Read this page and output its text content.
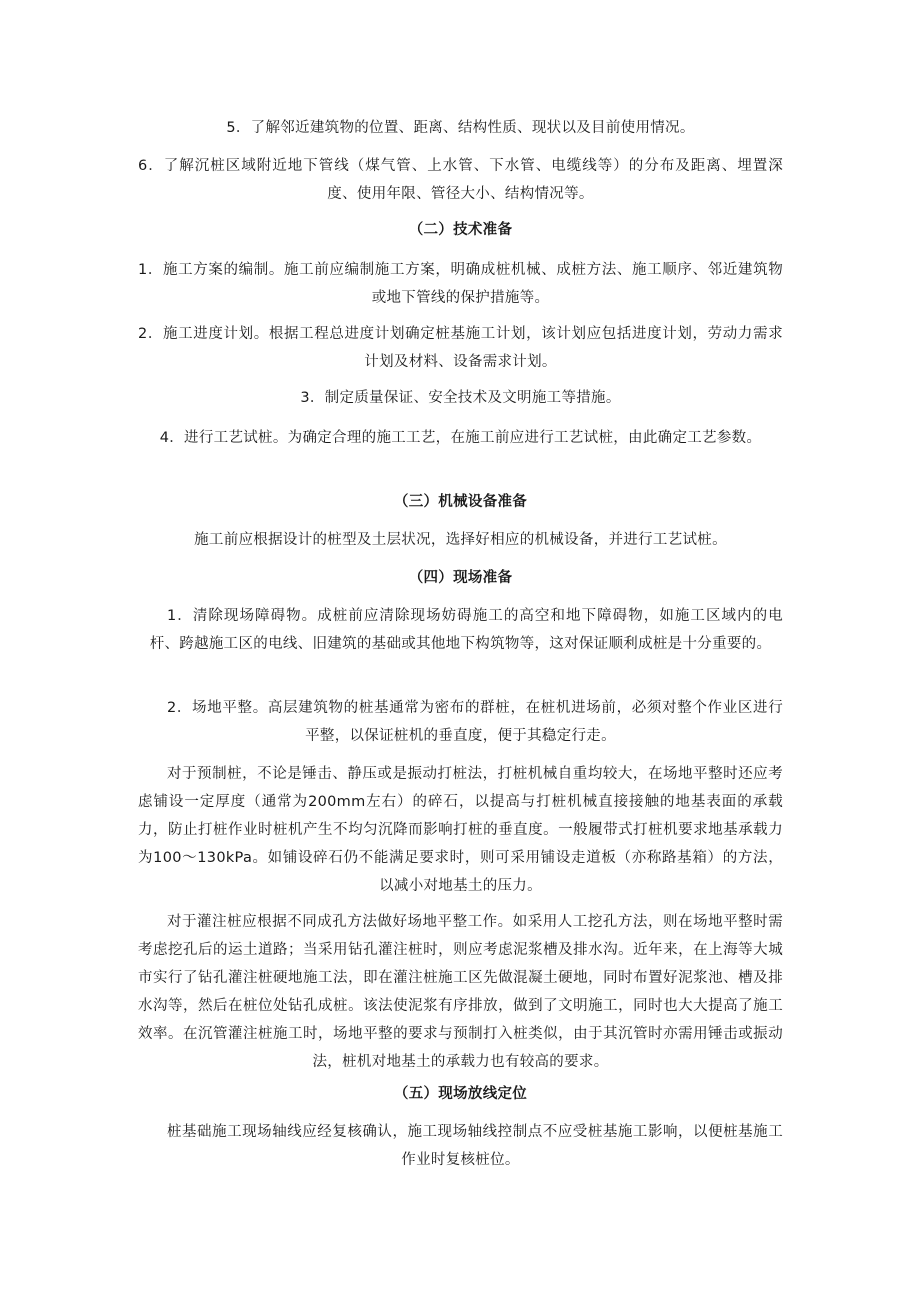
5．了解邻近建筑物的位置、距离、结构性质、现状以及目前使用情况。
6．了解沉桩区域附近地下管线（煤气管、上水管、下水管、电缆线等）的分布及距离、埋置深度、使用年限、管径大小、结构情况等。
（二）技术准备
1．施工方案的编制。施工前应编制施工方案，明确成桩机械、成桩方法、施工顺序、邻近建筑物或地下管线的保护措施等。
2．施工进度计划。根据工程总进度计划确定桩基施工计划，该计划应包括进度计划，劳动力需求计划及材料、设备需求计划。
3．制定质量保证、安全技术及文明施工等措施。
4．进行工艺试桩。为确定合理的施工工艺，在施工前应进行工艺试桩，由此确定工艺参数。
（三）机械设备准备
施工前应根据设计的桩型及土层状况，选择好相应的机械设备，并进行工艺试桩。
（四）现场准备
1．清除现场障碍物。成桩前应清除现场妨碍施工的高空和地下障碍物，如施工区域内的电杆、跨越施工区的电线、旧建筑的基础或其他地下构筑物等，这对保证顺利成桩是十分重要的。
2．场地平整。高层建筑物的桩基通常为密布的群桩，在桩机进场前，必须对整个作业区进行平整，以保证桩机的垂直度，便于其稳定行走。
对于预制桩，不论是锤击、静压或是振动打桩法，打桩机械自重均较大，在场地平整时还应考虑铺设一定厚度（通常为200mm左右）的碎石，以提高与打桩机械直接接触的地基表面的承载力，防止打桩作业时桩机产生不均匀沉降而影响打桩的垂直度。一般履带式打桩机要求地基承载力为100～130kPa。如铺设碎石仍不能满足要求时，则可采用铺设走道板（亦称路基箱）的方法，以减小对地基土的压力。
对于灌注桩应根据不同成孔方法做好场地平整工作。如采用人工挖孔方法，则在场地平整时需考虑挖孔后的运土道路；当采用钻孔灌注桩时，则应考虑泥浆槽及排水沟。近年来，在上海等大城市实行了钻孔灌注桩硬地施工法，即在灌注桩施工区先做混凝土硬地，同时布置好泥浆池、槽及排水沟等，然后在桩位处钻孔成桩。该法使泥浆有序排放，做到了文明施工，同时也大大提高了施工效率。在沉管灌注桩施工时，场地平整的要求与预制打入桩类似，由于其沉管时亦需用锤击或振动法，桩机对地基土的承载力也有较高的要求。
（五）现场放线定位
桩基础施工现场轴线应经复核确认，施工现场轴线控制点不应受桩基施工影响，以便桩基施工作业时复核桩位。
